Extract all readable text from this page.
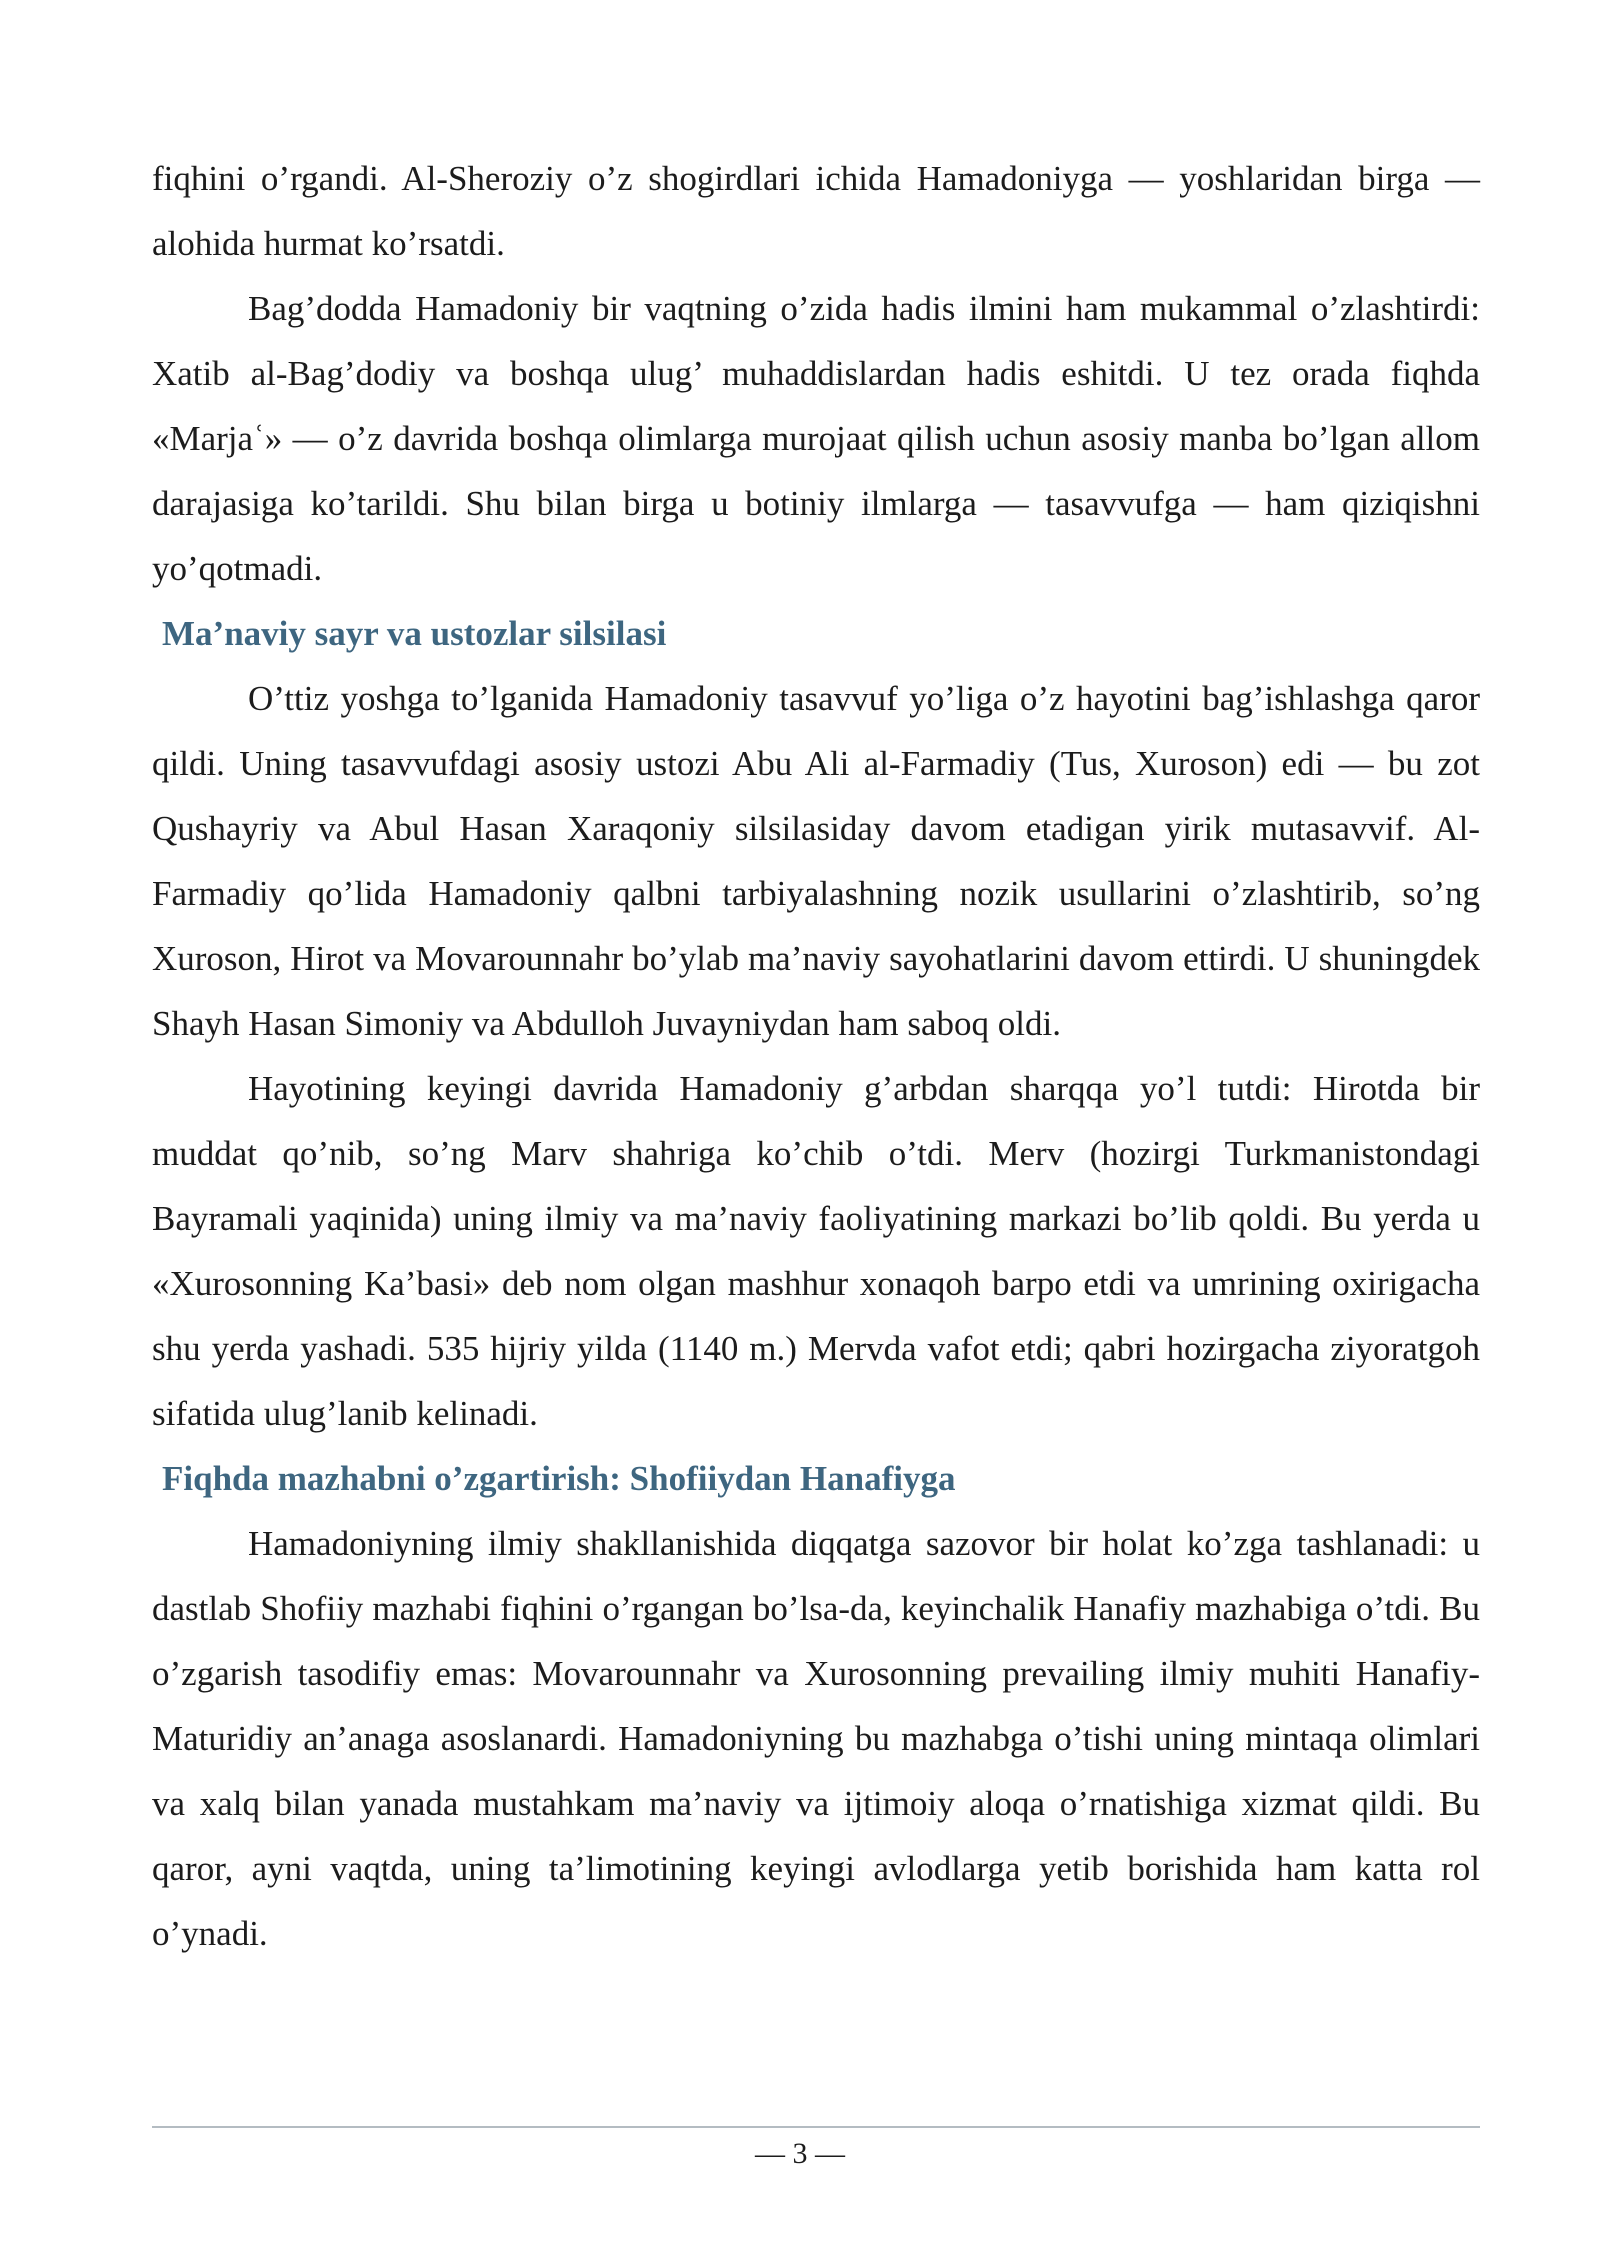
fiqhini o’rgandi. Al-Sheroziy o’z shogirdlari ichida Hamadoniyga — yoshlaridan birga — alohida hurmat ko’rsatdi.

Bag’dodda Hamadoniy bir vaqtning o’zida hadis ilmini ham mukammal o’zlashtirdi: Xatib al-Bag’dodiy va boshqa ulug’ muhaddislardan hadis eshitdi. U tez orada fiqhda «Marjaʿ» — o’z davrida boshqa olimlarga murojaat qilish uchun asosiy manba bo’lgan allom darajasiga ko’tarildi. Shu bilan birga u botiniy ilmlarga — tasavvufga — ham qiziqishni yo’qotmadi.

Ma’naviy sayr va ustozlar silsilasi

O’ttiz yoshga to’lganida Hamadoniy tasavvuf yo’liga o’z hayotini bag’ishlashga qaror qildi. Uning tasavvufdagi asosiy ustozi Abu Ali al-Farmadiy (Tus, Xuroson) edi — bu zot Qushayriy va Abul Hasan Xaraqoniy silsilasiday davom etadigan yirik mutasavvif. Al-Farmadiy qo’lida Hamadoniy qalbni tarbiyalashning nozik usullarini o’zlashtirib, so’ng Xuroson, Hirot va Movarounnahr bo’ylab ma’naviy sayohatlarini davom ettirdi. U shuningdek Shayh Hasan Simoniy va Abdulloh Juvayniydan ham saboq oldi.

Hayotining keyingi davrida Hamadoniy g’arbdan sharqqa yo’l tutdi: Hirotda bir muddat qo’nib, so’ng Marv shahriga ko’chib o’tdi. Merv (hozirgi Turkmanistondagi Bayramali yaqinida) uning ilmiy va ma’naviy faoliyatining markazi bo’lib qoldi. Bu yerda u «Xurosonning Ka’basi» deb nom olgan mashhur xonaqoh barpo etdi va umrining oxirigacha shu yerda yashadi. 535 hijriy yilda (1140 m.) Mervda vafot etdi; qabri hozirgacha ziyoratgoh sifatida ulug’lanib kelinadi.

Fiqhda mazhabni o’zgartirish: Shofiiydan Hanafiyga

Hamadoniyning ilmiy shakllanishida diqqatga sazovor bir holat ko’zga tashlanadi: u dastlab Shofiiy mazhabi fiqhini o’rgangan bo’lsa-da, keyinchalik Hanafiy mazhabiga o’tdi. Bu o’zgarish tasodifiy emas: Movarounnahr va Xurosonning prevailing ilmiy muhiti Hanafiy-Maturidiy an’anaga asoslanardi. Hamadoniyning bu mazhabga o’tishi uning mintaqa olimlari va xalq bilan yanada mustahkam ma’naviy va ijtimoiy aloqa o’rnatishiga xizmat qildi. Bu qaror, ayni vaqtda, uning ta’limotining keyingi avlodlarga yetib borishida ham katta rol o’ynadi.

— 3 —
